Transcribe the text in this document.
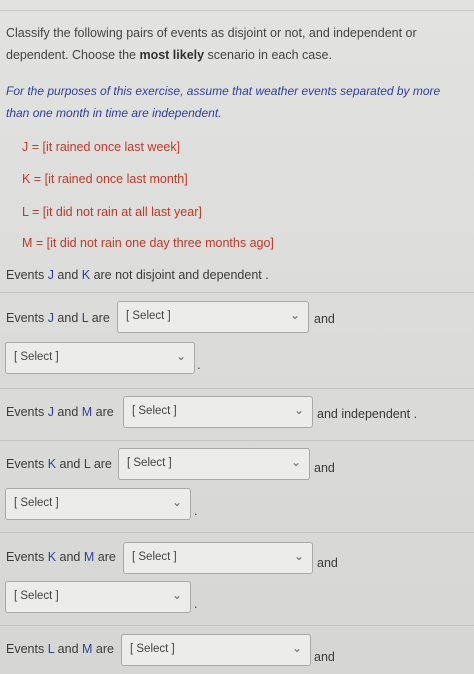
Classify the following pairs of events as disjoint or not, and independent or dependent. Choose the most likely scenario in each case.
For the purposes of this exercise, assume that weather events separated by more than one month in time are independent.
J = [it rained once last week]
K = [it rained once last month]
L = [it did not rain at all last year]
M = [it did not rain one day three months ago]
Events J and K are not disjoint and dependent .
Events J and L are [ Select ]	⌄ and
[ Select ]	⌄
.
Events J and M are [ Select ]	⌄ and independent .
Events K and L are [ Select ]	⌄ and
[ Select ]	⌄
.
Events K and M are [ Select ]	⌄ and
[ Select ]	⌄
.
Events L and M are [ Select ]	⌄
and
